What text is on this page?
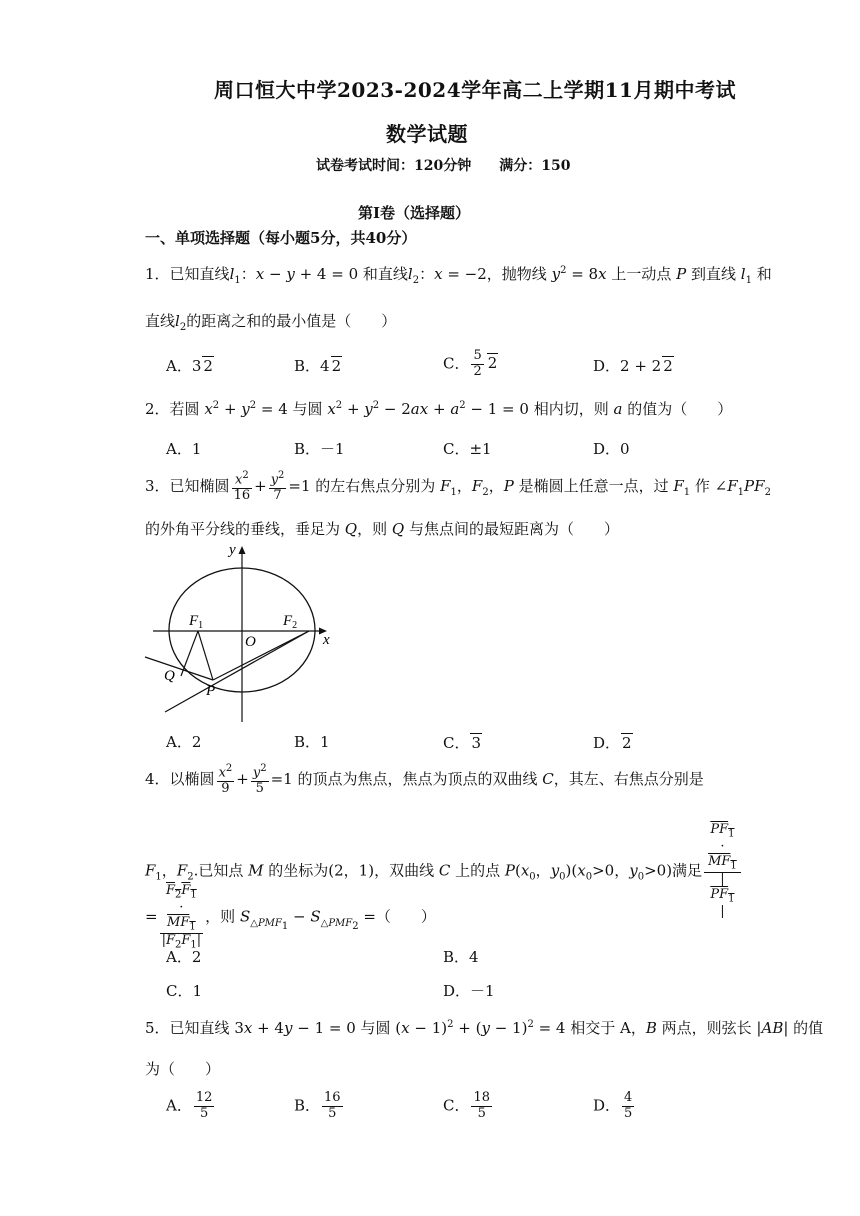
周口恒大中学2023-2024学年高二上学期11月期中考试
数学试题
试卷考试时间：120分钟　　满分：150
第Ⅰ卷（选择题）
一、单项选择题（每小题5分，共40分）
1．已知直线$l_1$：x − y + 4 = 0 和直线$l_2$：x = −2，抛物线 $y^2 = 8x$ 上一动点 P 到直线 $l_1$ 和
直线$l_2$的距离之和的最小值是（　　）
A．3 2	B．4 2	C． $\frac{5}{2} 2$	D．2 + 2 2
2．若圆 $x^2 + y^2 = 4$ 与圆 $x^2 + y^2 - 2ax + a^2 - 1 = 0$ 相内切，则 a 的值为（　　）
A．1	B．－1	C．±1	D．0
3．已知椭圆 $\frac{x^2}{16} + \frac{y^2}{7} =1$ 的左右焦点分别为 $F_1$，$F_2$，P 是椭圆上任意一点，过 $F_1$ 作 $\angle F_1PF_2$
的外角平分线的垂线，垂足为 Q，则 Q 与焦点间的最短距离为（　　）
y
x
O
$F_1$	$F_2$
Q
P
A．2	B．1	C． 3	D． 2
4．以椭圆 $\frac{x^2}{9} + \frac{y^2}{5} =1$ 的顶点为焦点，焦点为顶点的双曲线 C，其左、右焦点分别是
$F_1$，$F_2$.已知点 M 的坐标为(2，1)，双曲线 C 上的点 $P(x_0$，$y_0)(x_0>0$，$y_0>0$)满足 $PF_1$
·
$MF_1$
|
$PF_1$
|
= $F_2F_1$
·
$MF_1$
$|F_2F_1|$ ，则 $S_{\triangle PMF_1} - S_{\triangle PMF_2}$ =（　　）
A．2	B．4
C．1	D．－1
5．已知直线 3x + 4y − 1 = 0 与圆 $(x - 1)^2 + (y - 1)^2 = 4$ 相交于 A，B 两点，则弦长 |AB| 的值
为（　　）
A． $\frac{12}{5}$	B． $\frac{16}{5}$	C． $\frac{18}{5}$	D． $\frac{4}{5}$
